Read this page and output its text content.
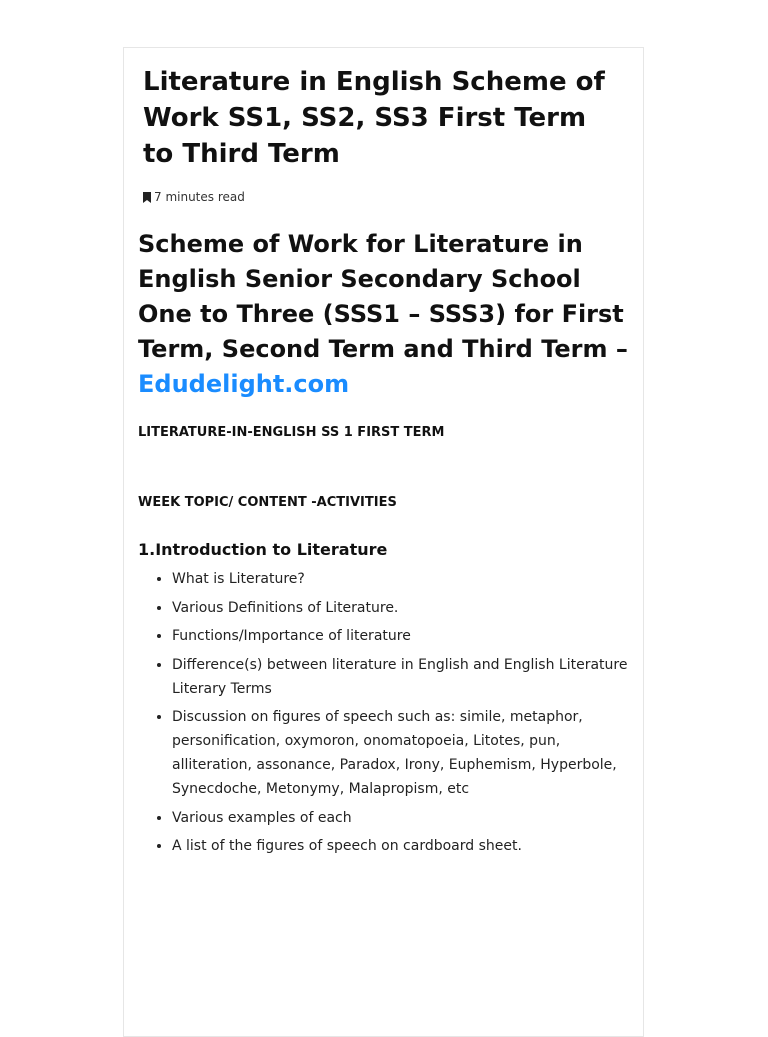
Literature in English Scheme of Work SS1, SS2, SS3 First Term to Third Term
7 minutes read
Scheme of Work for Literature in English Senior Secondary School One to Three (SSS1 – SSS3) for First Term, Second Term and Third Term – Edudelight.com

LITERATURE-IN-ENGLISH SS 1 FIRST TERM

WEEK TOPIC/ CONTENT -ACTIVITIES

1.Introduction to Literature
• What is Literature?
• Various Definitions of Literature.
• Functions/Importance of literature
• Difference(s) between literature in English and English Literature Literary Terms
• Discussion on figures of speech such as: simile, metaphor, personification, oxymoron, onomatopoeia, Litotes, pun, alliteration, assonance, Paradox, Irony, Euphemism, Hyperbole, Synecdoche, Metonymy, Malapropism, etc
• Various examples of each
• A list of the figures of speech on cardboard sheet.
